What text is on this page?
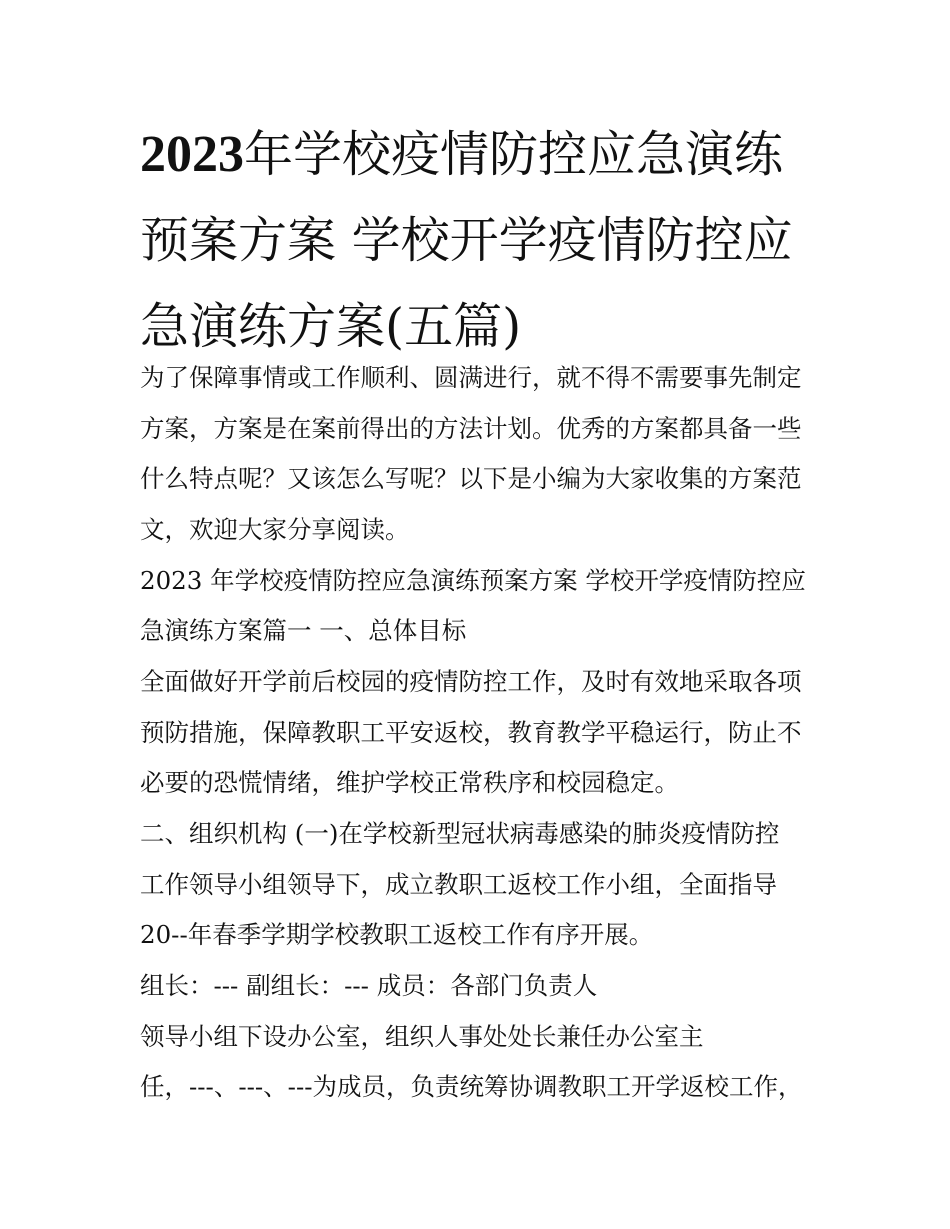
2023年学校疫情防控应急演练预案方案 学校开学疫情防控应急演练方案(五篇)

为了保障事情或工作顺利、圆满进行，就不得不需要事先制定

方案，方案是在案前得出的方法计划。优秀的方案都具备一些

什么特点呢？又该怎么写呢？以下是小编为大家收集的方案范

文，欢迎大家分享阅读。

2023 年学校疫情防控应急演练预案方案 学校开学疫情防控应

急演练方案篇一 一、总体目标

全面做好开学前后校园的疫情防控工作，及时有效地采取各项

预防措施，保障教职工平安返校，教育教学平稳运行，防止不

必要的恐慌情绪，维护学校正常秩序和校园稳定。

二、组织机构 (一)在学校新型冠状病毒感染的肺炎疫情防控

工作领导小组领导下，成立教职工返校工作小组，全面指导

20--年春季学期学校教职工返校工作有序开展。

组长：--- 副组长：--- 成员：各部门负责人

领导小组下设办公室，组织人事处处长兼任办公室主

任，---、---、---为成员，负责统筹协调教职工开学返校工作，
